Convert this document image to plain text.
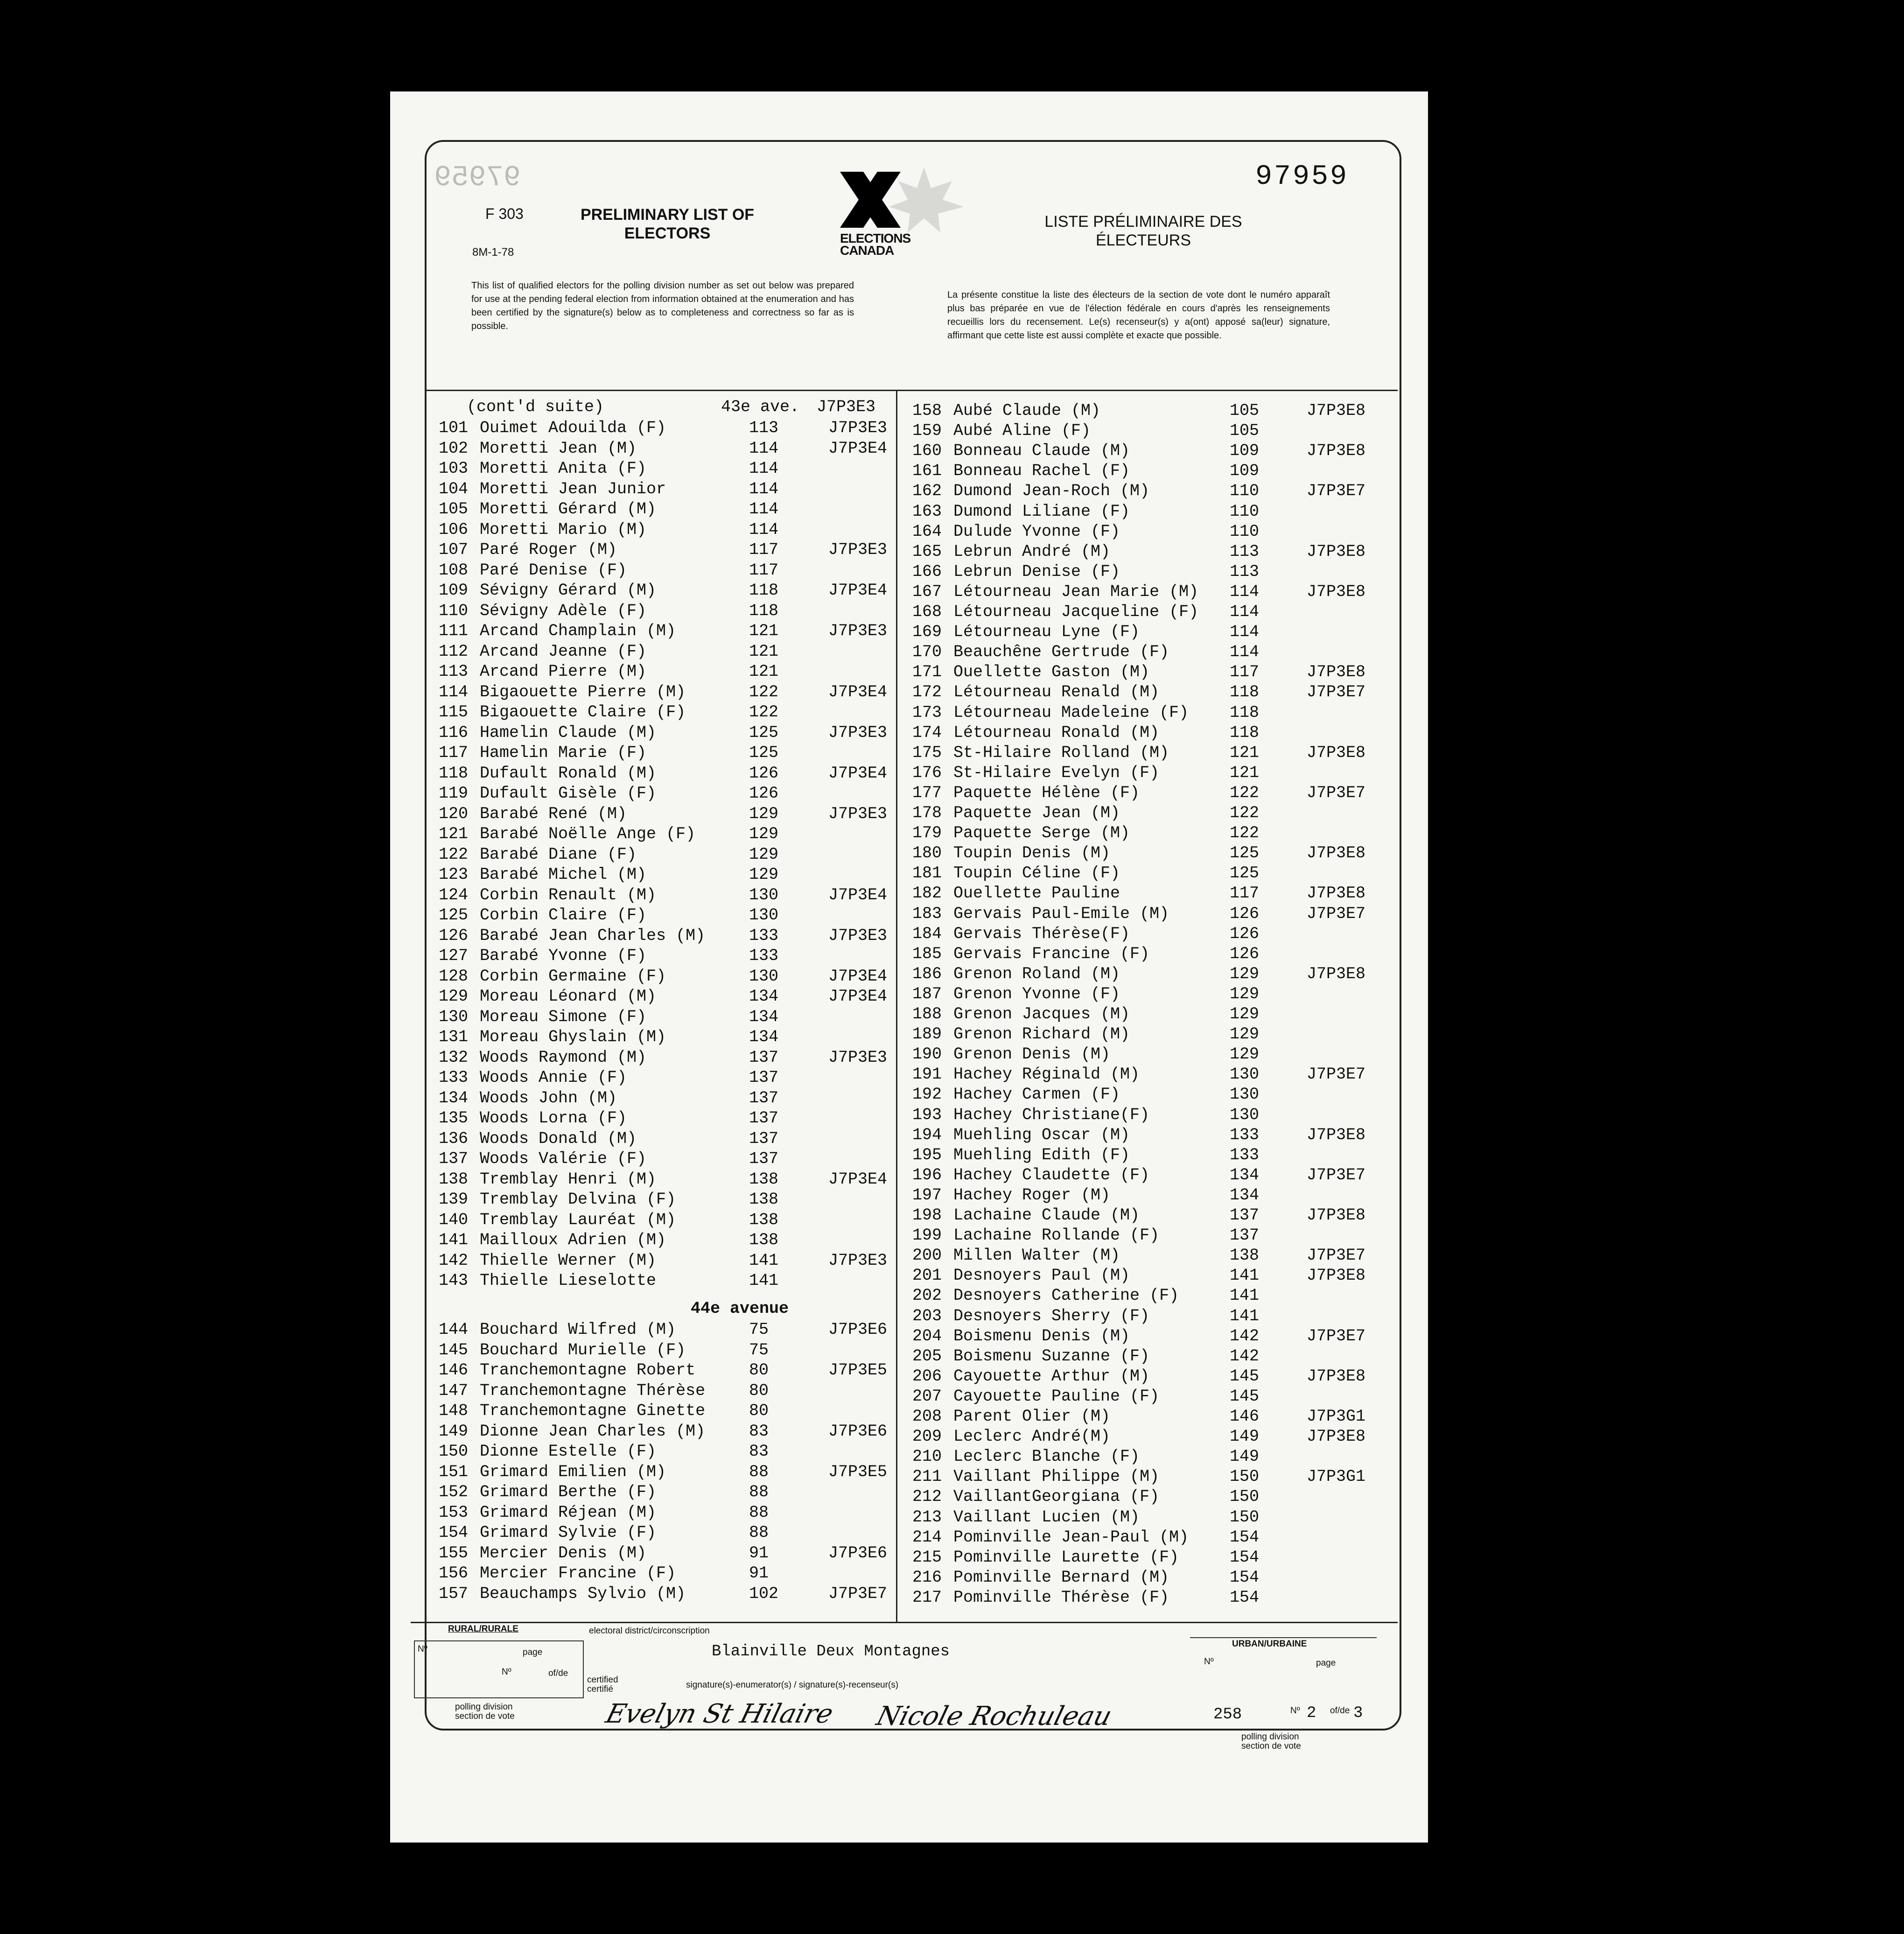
97959	97959
F 303
8M-1-78
PRELIMINARY LIST OF ELECTORS
LISTE PRÉLIMINAIRE DES ÉLECTEURS
ELECTIONS CANADA
This list of qualified electors for the polling division number as set out below was prepared for use at the pending federal election from information obtained at the enumeration and has been certified by the signature(s) below as to completeness and correctness so far as is possible.
La présente constitue la liste des électeurs de la section de vote dont le numéro apparaît plus bas préparée en vue de l'élection fédérale en cours d'après les renseignements recueillis lors du recensement. Le(s) recenseur(s) y a(ont) apposé sa(leur) signature, affirmant que cette liste est aussi complète et exacte que possible.
(cont'd suite)	43e ave. J7P3E3
101 Ouimet Adouilda (F)	113	J7P3E3
102 Moretti Jean (M)	114	J7P3E4
103 Moretti Anita (F)	114
104 Moretti Jean Junior	114
105 Moretti Gérard (M)	114
106 Moretti Mario (M)	114
107 Paré Roger (M)	117	J7P3E3
108 Paré Denise (F)	117
109 Sévigny Gérard (M)	118	J7P3E4
110 Sévigny Adèle (F)	118
111 Arcand Champlain (M)	121	J7P3E3
112 Arcand Jeanne (F)	121
113 Arcand Pierre (M)	121
114 Bigaouette Pierre (M)	122	J7P3E4
115 Bigaouette Claire (F)	122
116 Hamelin Claude (M)	125	J7P3E3
117 Hamelin Marie (F)	125
118 Dufault Ronald (M)	126	J7P3E4
119 Dufault Gisèle (F)	126
120 Barabé René (M)	129	J7P3E3
121 Barabé Noëlle Ange (F)	129
122 Barabé Diane (F)	129
123 Barabé Michel (M)	129
124 Corbin Renault (M)	130	J7P3E4
125 Corbin Claire (F)	130
126 Barabé Jean Charles (M)	133	J7P3E3
127 Barabé Yvonne (F)	133
128 Corbin Germaine (F)	130	J7P3E4
129 Moreau Léonard (M)	134	J7P3E4
130 Moreau Simone (F)	134
131 Moreau Ghyslain (M)	134
132 Woods Raymond (M)	137	J7P3E3
133 Woods Annie (F)	137
134 Woods John (M)	137
135 Woods Lorna (F)	137
136 Woods Donald (M)	137
137 Woods Valérie (F)	137
138 Tremblay Henri (M)	138	J7P3E4
139 Tremblay Delvina (F)	138
140 Tremblay Lauréat (M)	138
141 Mailloux Adrien (M)	138
142 Thielle Werner (M)	141	J7P3E3
143 Thielle Lieselotte	141
44e avenue
144 Bouchard Wilfred (M)	75	J7P3E6
145 Bouchard Murielle (F)	75
146 Tranchemontagne Robert	80	J7P3E5
147 Tranchemontagne Thérèse	80
148 Tranchemontagne Ginette	80
149 Dionne Jean Charles (M)	83	J7P3E6
150 Dionne Estelle (F)	83
151 Grimard Emilien (M)	88	J7P3E5
152 Grimard Berthe (F)	88
153 Grimard Réjean (M)	88
154 Grimard Sylvie (F)	88
155 Mercier Denis (M)	91	J7P3E6
156 Mercier Francine (F)	91
157 Beauchamps Sylvio (M)	102	J7P3E7
158 Aubé Claude (M)	105	J7P3E8
159 Aubé Aline (F)	105
160 Bonneau Claude (M)	109	J7P3E8
161 Bonneau Rachel (F)	109
162 Dumond Jean-Roch (M)	110	J7P3E7
163 Dumond Liliane (F)	110
164 Dulude Yvonne (F)	110
165 Lebrun André (M)	113	J7P3E8
166 Lebrun Denise (F)	113
167 Létourneau Jean Marie (M) 114	J7P3E8
168 Létourneau Jacqueline (F) 114
169 Létourneau Lyne (F)	114
170 Beauchêne Gertrude (F)	114
171 Ouellette Gaston (M)	117	J7P3E8
172 Létourneau Renald (M)	118	J7P3E7
173 Létourneau Madeleine (F)	118
174 Létourneau Ronald (M)	118
175 St-Hilaire Rolland (M)	121	J7P3E8
176 St-Hilaire Evelyn (F)	121
177 Paquette Hélène (F)	122	J7P3E7
178 Paquette Jean (M)	122
179 Paquette Serge (M)	122
180 Toupin Denis (M)	125	J7P3E8
181 Toupin Céline (F)	125
182 Ouellette Pauline	117	J7P3E8
183 Gervais Paul-Emile (M)	126	J7P3E7
184 Gervais Thérèse(F)	126
185 Gervais Francine (F)	126
186 Grenon Roland (M)	129	J7P3E8
187 Grenon Yvonne (F)	129
188 Grenon Jacques (M)	129
189 Grenon Richard (M)	129
190 Grenon Denis (M)	129
191 Hachey Réginald (M)	130	J7P3E7
192 Hachey Carmen (F)	130
193 Hachey Christiane(F)	130
194 Muehling Oscar (M)	133	J7P3E8
195 Muehling Edith (F)	133
196 Hachey Claudette (F)	134	J7P3E7
197 Hachey Roger (M)	134
198 Lachaine Claude (M)	137	J7P3E8
199 Lachaine Rollande (F)	137
200 Millen Walter (M)	138	J7P3E7
201 Desnoyers Paul (M)	141	J7P3E8
202 Desnoyers Catherine (F)	141
203 Desnoyers Sherry (F)	141
204 Boismenu Denis (M)	142	J7P3E7
205 Boismenu Suzanne (F)	142
206 Cayouette Arthur (M)	145	J7P3E8
207 Cayouette Pauline (F)	145
208 Parent Olier (M)	146	J7P3G1
209 Leclerc André(M)	149	J7P3E8
210 Leclerc Blanche (F)	149
211 Vaillant Philippe (M)	150	J7P3G1
212 VaillantGeorgiana (F)	150
213 Vaillant Lucien (M)	150
214 Pominville Jean-Paul (M)	154
215 Pominville Laurette (F)	154
216 Pominville Bernard (M)	154
217 Pominville Thérèse (F)	154
RURAL/RURALE
Nº	page
Nº	of/de
electoral district/circonscription
Blainville Deux Montagnes
certified certifié	signature(s)-enumerator(s) / signature(s)-recenseur(s)
polling division section de vote	Evelyn St Hilaire Nicole Rochuleau
URBAN/URBAINE
Nº	page
258	Nº 2 of/de 3
polling division section de vote
